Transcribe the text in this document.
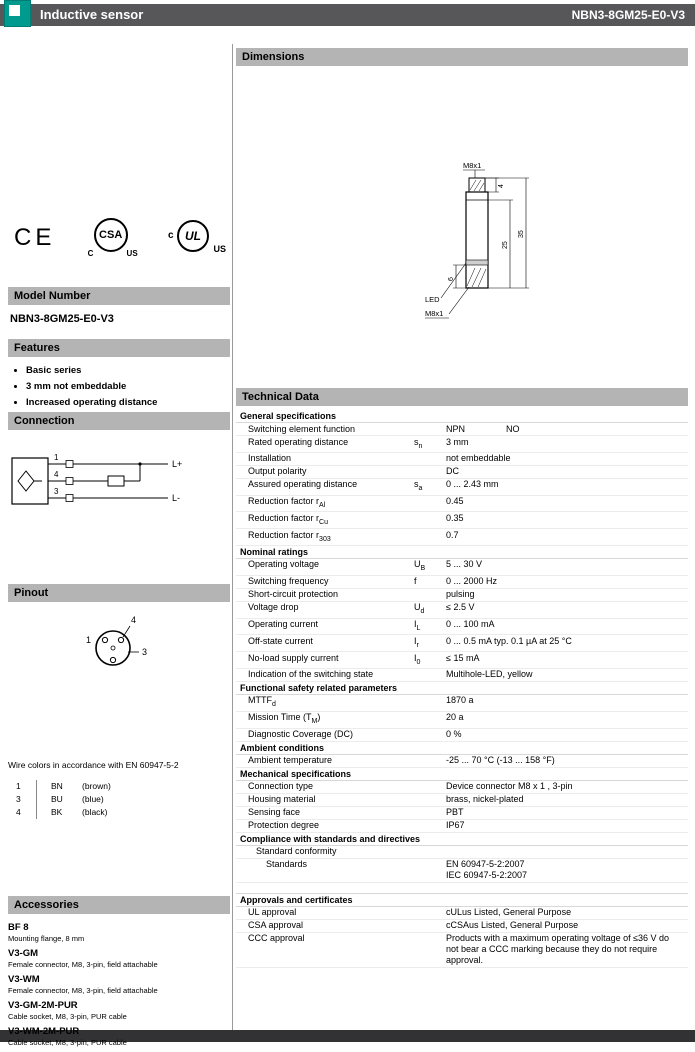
Inductive sensor	NBN3-8GM25-E0-V3
CE	CSA
C	US
c UL
US
Model Number
NBN3-8GM25-E0-V3
Features
• Basic series
• 3 mm not embeddable
• Increased operating distance
Connection
1
4
3
L+
L-
Pinout
4
3
1
Wire colors in accordance with EN 60947-5-2
1	BN	(brown)
3	BU	(blue)
4	BK	(black)
Accessories
BF 8
Mounting flange, 8 mm
V3-GM
Female connector, M8, 3-pin, field attachable
V3-WM
Female connector, M8, 3-pin, field attachable
V3-GM-2M-PUR
Cable socket, M8, 3-pin, PUR cable
V3-WM-2M-PUR
Cable socket, M8, 3-pin, PUR cable
Dimensions
M8x1
4
25
35
6
LED
M8x1
Technical Data
General specifications
Switching element function	NPN	NO
Rated operating distance	$s_n$	3 mm
Installation	not embeddable
Output polarity	DC
Assured operating distance	$s_a$	0 ... 2.43 mm
Reduction factor $r_{Al}$	0.45
Reduction factor $r_{Cu}$	0.35
Reduction factor $r_{303}$	0.7
Nominal ratings
Operating voltage	$U_B$	5 ... 30 V
Switching frequency	f	0 ... 2000 Hz
Short-circuit protection	pulsing
Voltage drop	$U_d$	≤ 2.5 V
Operating current	$I_L$	0 ... 100 mA
Off-state current	$I_r$	0 ... 0.5 mA typ. 0.1 µA at 25 °C
No-load supply current	$I_0$	≤ 15 mA
Indication of the switching state	Multihole-LED, yellow
Functional safety related parameters
$MTTF_d$	1870 a
Mission Time $(T_M)$	20 a
Diagnostic Coverage (DC)	0 %
Ambient conditions
Ambient temperature	-25 ... 70 °C (-13 ... 158 °F)
Mechanical specifications
Connection type	Device connector M8 x 1 , 3-pin
Housing material	brass, nickel-plated
Sensing face	PBT
Protection degree	IP67
Compliance with standards and directives
Standard conformity
Standards	EN 60947-5-2:2007
IEC 60947-5-2:2007
Approvals and certificates
UL approval	cULus Listed, General Purpose
CSA approval	cCSAus Listed, General Purpose
CCC approval	Products with a maximum operating voltage of ≤36 V do not bear a CCC marking because they do not require approval.
